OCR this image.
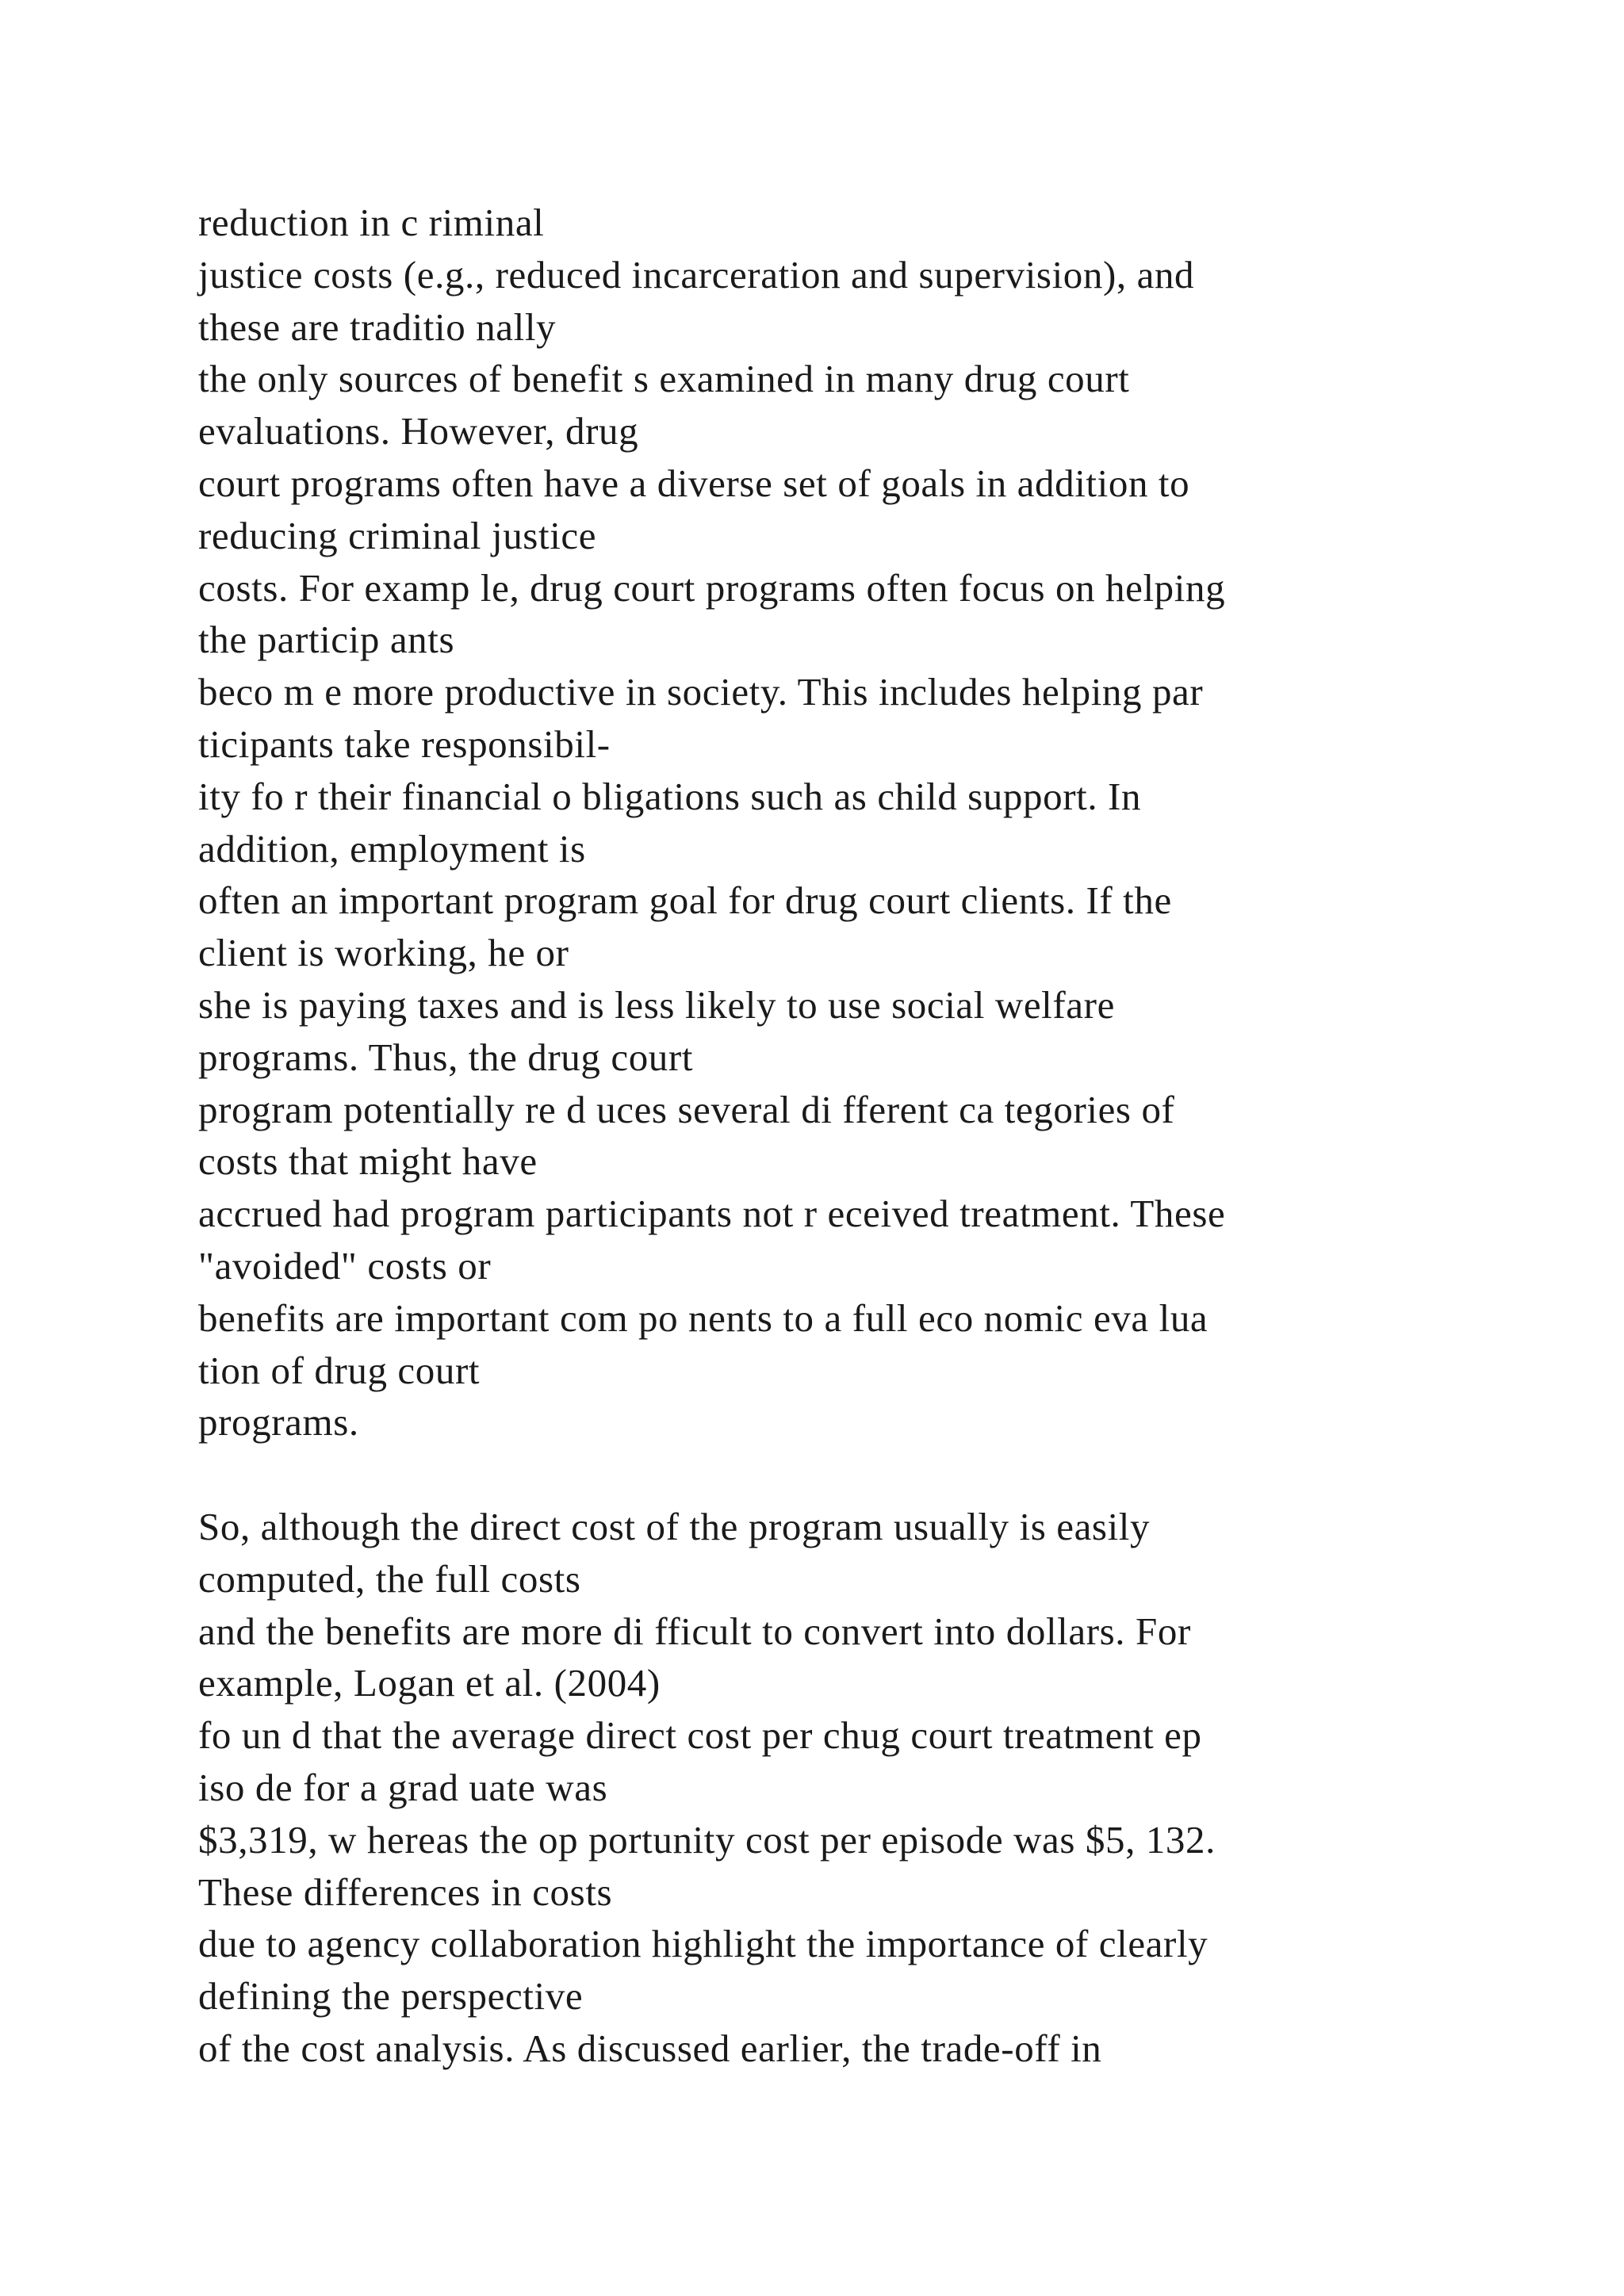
reduction in c riminal
justice costs (e.g., reduced incarceration and supervision), and
these are traditio nally
the only sources of benefit s examined in many drug court
evaluations. However, drug
court programs often have a diverse set of goals in addition to
reducing criminal justice
costs. For examp le, drug court programs often focus on helping
the particip ants
beco m e more productive in society. This includes helping par
ticipants take responsibil-
ity fo r their financial o bligations such as child support. In
addition, employment is
often an important program goal for drug court clients. If the
client is working, he or
she is paying taxes and is less likely to use social welfare
programs. Thus, the drug court
program potentially re d uces several di fferent ca tegories of
costs that might have
accrued had program participants not r eceived treatment. These
"avoided" costs or
benefits are important com po nents to a full eco nomic eva lua
tion of drug court
programs.
So, although the direct cost of the program usually is easily
computed, the full costs
and the benefits are more di fficult to convert into dollars. For
example, Logan et al. (2004)
fo un d that the average direct cost per chug court treatment ep
iso de for a grad uate was
$3,319, w hereas the op portunity cost per episode was $5, 132.
These differences in costs
due to agency collaboration highlight the importance of clearly
defining the perspective
of the cost analysis. As discussed earlier, the trade-off in
